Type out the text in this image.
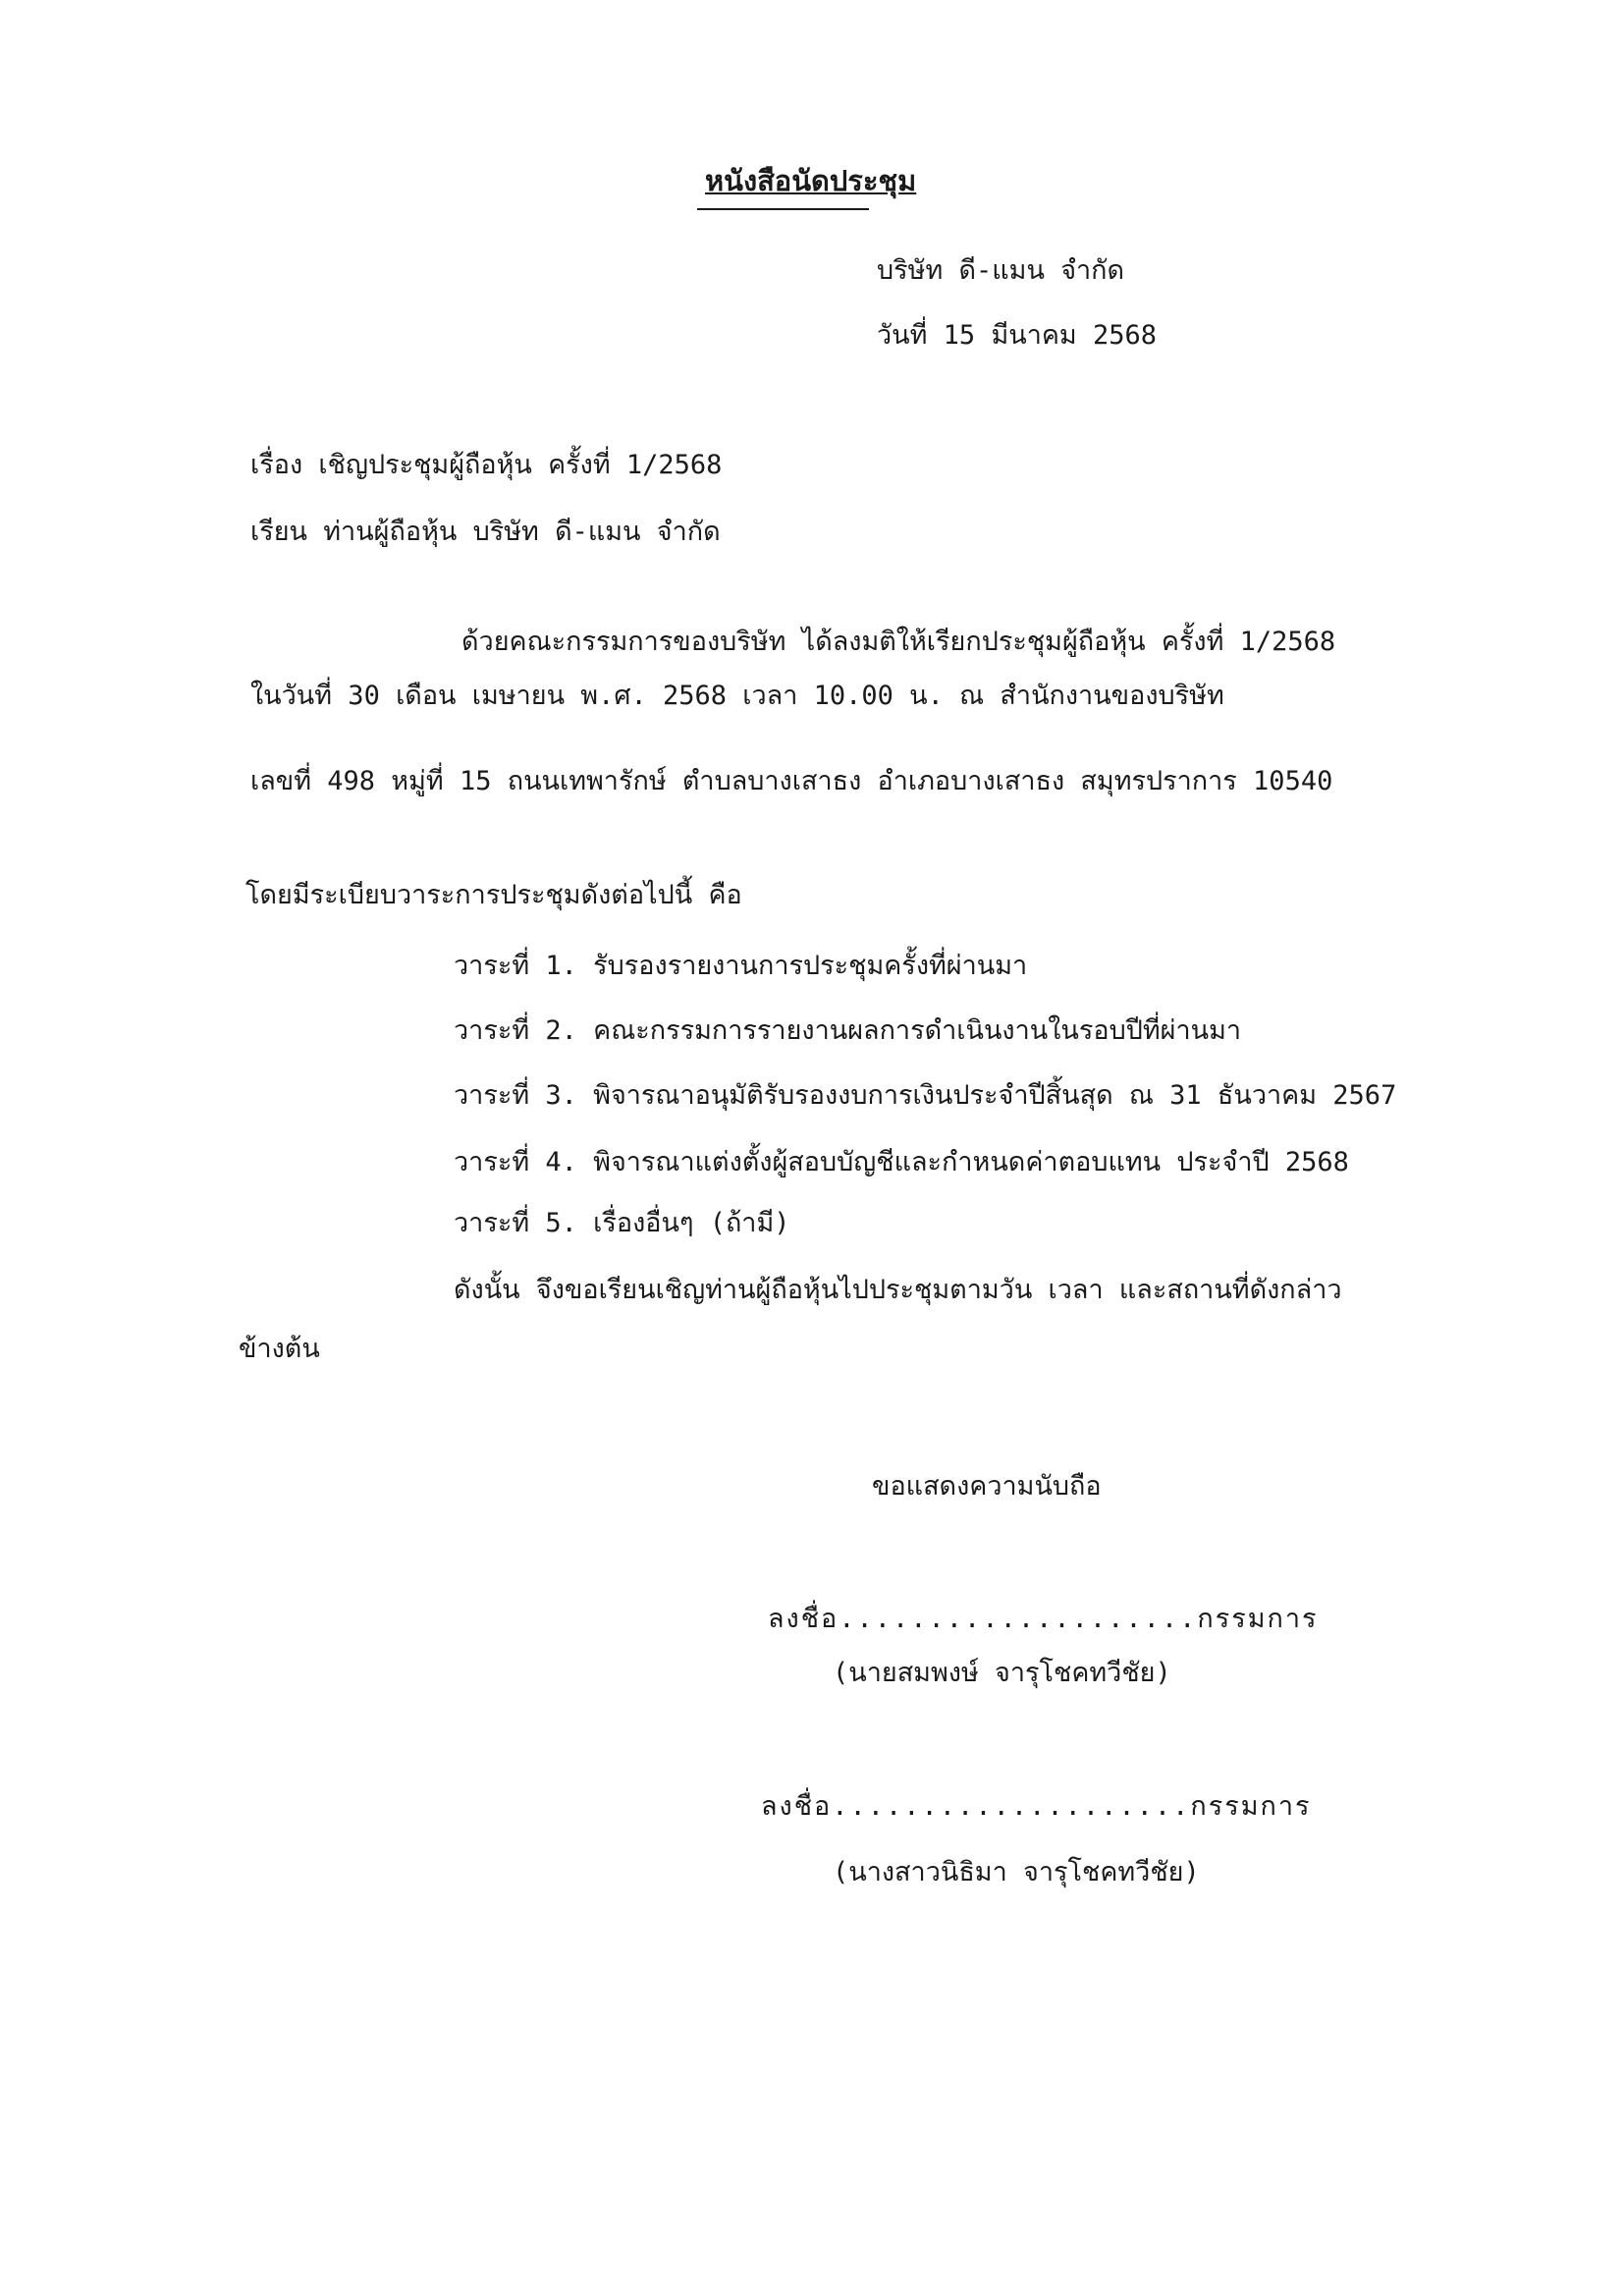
หนังสือนัดประชุม

บริษัท ดี-แมน จำกัด

วันที่ 15 มีนาคม 2568

เรื่อง เชิญประชุมผู้ถือหุ้น ครั้งที่ 1/2568

เรียน ท่านผู้ถือหุ้น บริษัท ดี-แมน จำกัด

ด้วยคณะกรรมการของบริษัท ได้ลงมติให้เรียกประชุมผู้ถือหุ้น ครั้งที่ 1/2568

ในวันที่ 30 เดือน เมษายน พ.ศ. 2568 เวลา 10.00 น. ณ สำนักงานของบริษัท

เลขที่ 498 หมู่ที่ 15 ถนนเทพารักษ์ ตำบลบางเสาธง อำเภอบางเสาธง สมุทรปราการ 10540

โดยมีระเบียบวาระการประชุมดังต่อไปนี้ คือ

วาระที่ 1. รับรองรายงานการประชุมครั้งที่ผ่านมา

วาระที่ 2. คณะกรรมการรายงานผลการดำเนินงานในรอบปีที่ผ่านมา

วาระที่ 3. พิจารณาอนุมัติรับรองงบการเงินประจำปีสิ้นสุด ณ 31 ธันวาคม 2567

วาระที่ 4. พิจารณาแต่งตั้งผู้สอบบัญชีและกำหนดค่าตอบแทน ประจำปี 2568

วาระที่ 5. เรื่องอื่นๆ (ถ้ามี)

ดังนั้น จึงขอเรียนเชิญท่านผู้ถือหุ้นไปประชุมตามวัน เวลา และสถานที่ดังกล่าว

ข้างต้น

ขอแสดงความนับถือ

ลงชื่อ....................กรรมการ

(นายสมพงษ์ จารุโชคทวีชัย)

ลงชื่อ....................กรรมการ

(นางสาวนิธิมา จารุโชคทวีชัย)
